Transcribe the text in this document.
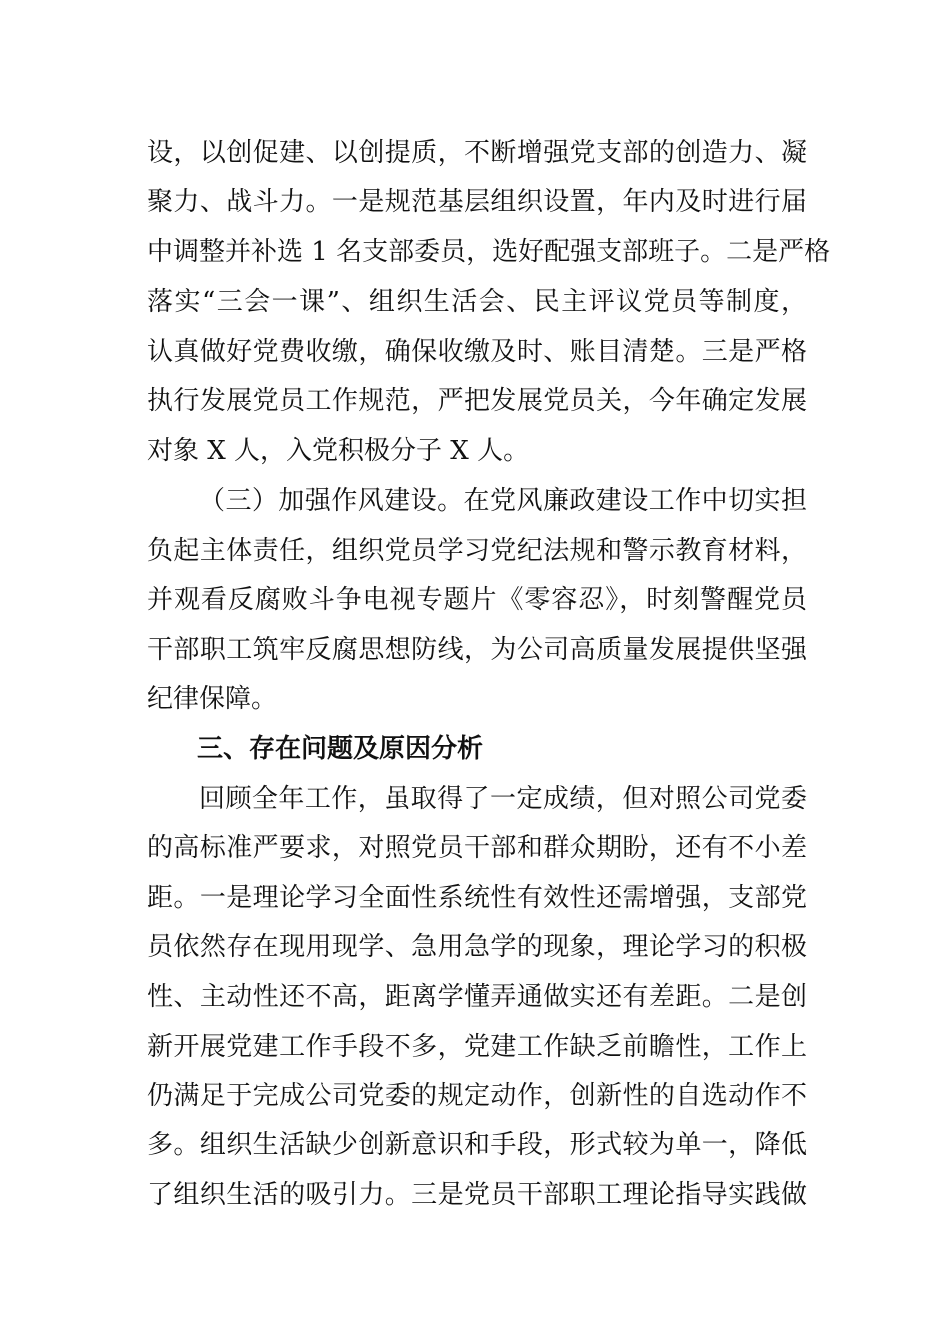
设，以创促建、以创提质，不断增强党支部的创造力、凝
聚力、战斗力。一是规范基层组织设置，年内及时进行届
中调整并补选 1 名支部委员，选好配强支部班子。二是严格
落实“三会一课”、组织生活会、民主评议党员等制度，
认真做好党费收缴，确保收缴及时、账目清楚。三是严格
执行发展党员工作规范，严把发展党员关，今年确定发展
对象 X 人，入党积极分子 X 人。
（三）加强作风建设。在党风廉政建设工作中切实担
负起主体责任，组织党员学习党纪法规和警示教育材料，
并观看反腐败斗争电视专题片《零容忍》，时刻警醒党员
干部职工筑牢反腐思想防线，为公司高质量发展提供坚强
纪律保障。
三、存在问题及原因分析
回顾全年工作，虽取得了一定成绩，但对照公司党委
的高标准严要求，对照党员干部和群众期盼，还有不小差
距。一是理论学习全面性系统性有效性还需增强，支部党
员依然存在现用现学、急用急学的现象，理论学习的积极
性、主动性还不高，距离学懂弄通做实还有差距。二是创
新开展党建工作手段不多，党建工作缺乏前瞻性，工作上
仍满足于完成公司党委的规定动作，创新性的自选动作不
多。组织生活缺少创新意识和手段，形式较为单一，降低
了组织生活的吸引力。三是党员干部职工理论指导实践做
